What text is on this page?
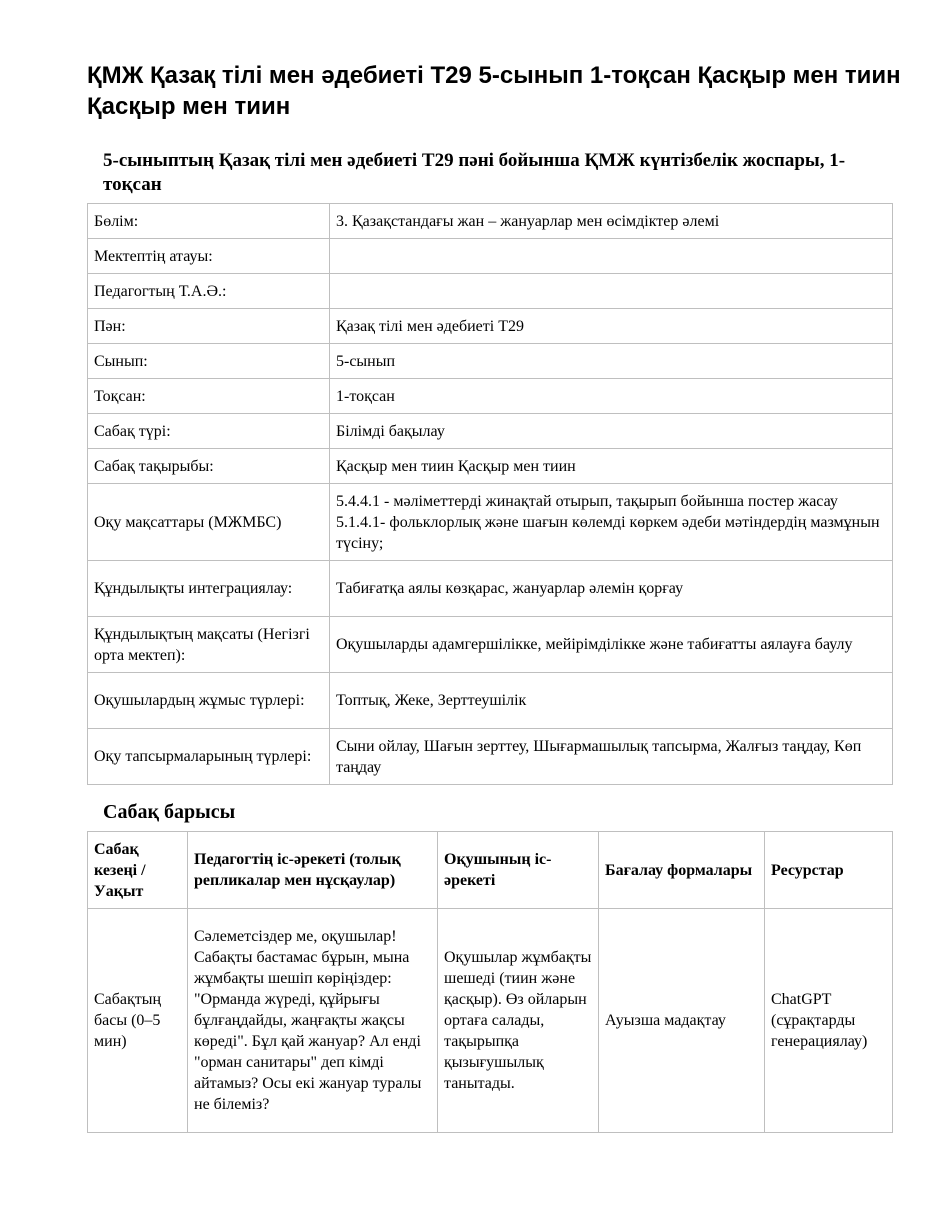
ҚМЖ Қазақ тілі мен әдебиеті Т29 5-сынып 1-тоқсан Қасқыр мен тиин Қасқыр мен тиин
5-сыныптың Қазақ тілі мен әдебиеті Т29 пәні бойынша ҚМЖ күнтізбелік жоспары, 1-тоқсан
Бөлім:	3. Қазақстандағы жан – жануарлар мен өсімдіктер әлемі
Мектептің атауы:	
Педагогтың Т.А.Ә.:	
Пән:	Қазақ тілі мен әдебиеті Т29
Сынып:	5-сынып
Тоқсан:	1-тоқсан
Сабақ түрі:	Білімді бақылау
Сабақ тақырыбы:	Қасқыр мен тиин Қасқыр мен тиин
Оқу мақсаттары (МЖМБС)	5.4.4.1 - мәліметтерді жинақтай отырып, тақырып бойынша постер жасау 5.1.4.1- фольклорлық және шағын көлемді көркем әдеби мәтіндердің мазмұнын түсіну;
Құндылықты интеграциялау:	Табиғатқа аялы көзқарас, жануарлар әлемін қорғау
Құндылықтың мақсаты (Негізгі орта мектеп):	Оқушыларды адамгершілікке, мейірімділікке және табиғатты аялауға баулу
Оқушылардың жұмыс түрлері:	Топтық, Жеке, Зерттеушілік
Оқу тапсырмаларының түрлері:	Сыни ойлау, Шағын зерттеу, Шығармашылық тапсырма, Жалғыз таңдау, Көп таңдау
Сабақ барысы
Сабақ кезеңі / Уақыт	Педагогтің іс-әрекеті (толық репликалар мен нұсқаулар)	Оқушының іс-әрекеті	Бағалау формалары	Ресурстар
Сабақтың басы (0–5 мин)	Сәлеметсіздер ме, оқушылар! Сабақты бастамас бұрын, мына жұмбақты шешіп көріңіздер: "Орманда жүреді, құйрығы бұлғаңдайды, жаңғақты жақсы көреді". Бұл қай жануар? Ал енді "орман санитары" деп кімді айтамыз? Осы екі жануар туралы не білеміз?	Оқушылар жұмбақты шешеді (тиин және қасқыр). Өз ойларын ортаға салады, тақырыпқа қызығушылық танытады.	Ауызша мадақтау	ChatGPT (сұрақтарды генерациялау)
